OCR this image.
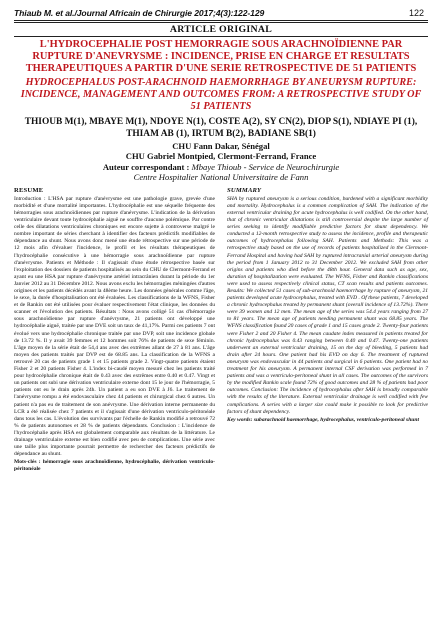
Thiaub M. et al./Journal Africain de Chirurgie 2017;4(3):122-129	122
ARTICLE ORIGINAL
L'HYDROCEPHALIE POST HEMORRAGIE SOUS ARACHNOÏDIENNE PAR RUPTURE D'ANEVRYSME : INCIDENCE, PRISE EN CHARGE ET RESULTATS THERAPEUTIQUES A PARTIR D'UNE SERIE RETROSPECTIVE DE 51 PATIENTS
HYDROCEPHALUS POST-ARACHNOID HAEMORRHAGE BY ANEURYSM RUPTURE: INCIDENCE, MANAGEMENT AND OUTCOMES FROM: A RETROSPECTIVE STUDY OF 51 PATIENTS
THIOUB M(1), MBAYE M(1), NDOYE N(1), COSTE A(2), SY CN(2), DIOP S(1), NDIAYE PI (1),
THIAM AB (1), IRTUM B(2), BADIANE SB(1)
CHU Fann Dakar, Sénégal
CHU Gabriel Montpied, Clermont-Ferrand, France
Auteur correspondant : Mbaye Thioub - Service de Neurochirurgie
Centre Hospitalier National Universitaire de Fann
RESUME

Introduction : L'HSA par rupture d'anévrysme est une pathologie grave, grevée d'une morbidité et d'une mortalité importantes. L'hydrocéphalie est une séquelle fréquente des hémorragies sous arachnoïdiennes par rupture d'anévrysme. L'indication de la dérivation ventriculaire devant toute hydrocéphalie aiguë ne souffre d'aucune polémique. Par contre celle des dilatations ventriculaires chroniques est encore sujette à controverse malgré le nombre important de séries cherchant à identifier des facteurs prédictifs modifiables de dépendance au shunt. Nous avons donc mené une étude rétrospective sur une période de 12 mois afin d'évaluer l'incidence, le profil et les résultats thérapeutiques de l'hydrocéphalie consécutive à une hémorragie sous arachnoïdienne par rupture d'anévrysme. Patients et Méthode : Il s'agissait d'une étude rétrospective basée sur l'exploitation des dossiers de patients hospitalisés au sein du CHU de Clermont-Ferrand et ayant eu une HSA par rupture d'anévrysme artériel intracrânien durant la période du 1er Janvier 2012 au 31 Décembre 2012. Nous avons exclu les hémorragies méningées d'autres origines et les patients décédés avant la 48ème heure. Les données générales comme l'âge, le sexe, la durée d'hospitalisation ont été évaluées. Les classifications de la WFNS, Fisher et de Rankin ont été utilisées pour évaluer respectivement l'état clinique, les données du scanner et l'évolution des patients. Résultats : Nous avons colligé 51 cas d'hémorragie sous arachnoïdienne par rupture d'anévrysme, 21 patients ont développé une hydrocéphalie aiguë, traitée par une DVE soit un taux de 41,17%. Parmi ces patients 7 ont évolué vers une hydrocéphalie chronique traitée par une DVP, soit une incidence globale de 13.72 %. Il y avait 39 femmes et 12 hommes soit 76% de patients de sexe féminin. L'âge moyen de la série était de 54,4 ans avec des extrêmes allant de 27 à 81 ans. L'âge moyen des patients traités par DVP est de 68.85 ans. La classification de la WFNS a retrouvé 20 cas de patients grade 1 et 15 patients grade 2. Vingt-quatre patients étaient Fisher 2 et 20 patients Fisher 4. L'index bi-caudé moyen mesuré chez les patients traité pour hydrocéphalie chronique était de 0.43 avec des extrêmes entre 0.40 et 0.47. Vingt et un patients ont subi une dérivation ventriculaire externe dont 15 le jour de l'hémorragie, 5 patients ont eu le drain après 24h. Un patient a eu son DVE à J6. Le traitement de l'anévrysme rompu a été endovasculaire chez 44 patients et chirurgical chez 6 autres. Un patient n'a pas eu de traitement de son anévrysme. Une dérivation interne permanente du LCR a été réalisée chez 7 patients et il s'agissait d'une dérivation ventriculo-péritonéale dans tous les cas. L'évolution des survivants par l'échelle de Rankin modifié a retrouvé 72 % de patients autonomes et 28 % de patients dépendants. Conclusion : L'incidence de l'hydrocéphalie après HSA est globalement comparable aux résultats de la littérature. Le drainage ventriculaire externe est bien codifié avec peu de complications. Une série avec une taille plus importante pourrait permettre de rechercher des facteurs prédictifs de dépendance au shunt.

Mots-clés : hémorragie sous arachnoïdienne, hydrocéphalie, dérivation ventriculo-péritonéale

SUMMARY

SHA by ruptured aneurysm is a serious condition, burdened with a significant morbidity and mortality. Hydrocephalus is a common complication of SAH. The indication of the external ventricular draining for acute hydrocephalus is well codified. On the other hand, that of chronic ventricular dilatations is still controversial despite the large number of series seeking to identify modifiable predictive factors for shunt dependency. We conducted a 12-month retrospective study to assess the incidence, profile and therapeutic outcomes of hydrocephalus following SAH. Patients and Methods: This was a retrospective study based on the use of records of patients hospitalized in the Clermont-Ferrand Hospital and having had SAH by ruptured intracranial arterial aneurysm during the period from 1 January 2012 to 31 December 2012. We excluded SAH from other origins and patients who died before the 48th hour. General data such as age, sex, duration of hospitalization were evaluated. The WFNS, Fisher and Rankin classifications were used to assess respectively clinical status, CT scan results and patients outcomes. Results: We collected 51 cases of sub-arachnoid haemorrhage by rupture of aneurysm, 21 patients developed acute hydrocephalus, treated with EVD . Of these patients, 7 developed a chronic hydrocephalus treated by permanent shunt (overall incidence of 13.72%). There were 39 women and 12 men. The mean age of the series was 54.4 years ranging from 27 to 81 years. The mean age of patients needing permanent shunt was 68.85 years. The WFNS classification found 20 cases of grade 1 and 15 cases grade 2. Twenty-four patients were Fisher 2 and 20 Fisher 4. The mean caudate index measured in patients treated for chronic hydrocephalus was 0.43 ranging between 0.40 and 0.47. Twenty-one patients underwent an external ventricular draining, 15 on the day of bleeding, 5 patients had drain after 24 hours. One patient had his EVD on day 6. The treatment of ruptured aneurysm was endovascular in 44 patients and surgical in 6 patients. One patient had no treatment for his aneurysm. A permanent internal CSF derivation was performed in 7 patients and was a ventriculo-peritoneal shunt in all cases. The outcomes of the survivors by the modified Rankin scale found 72% of good outcomes and 28 % of patients had poor outcomes. Conclusion: The incidence of hydrocephalus after SAH is broadly comparable with the results of the literature. External ventricular drainage is well codified with few complications. A series with a larger size could make it possible to look for predictive factors of shunt dependency.

Key words: subarachnoid haemorrhage, hydrocephalus, ventriculo-peritoneal shunt
